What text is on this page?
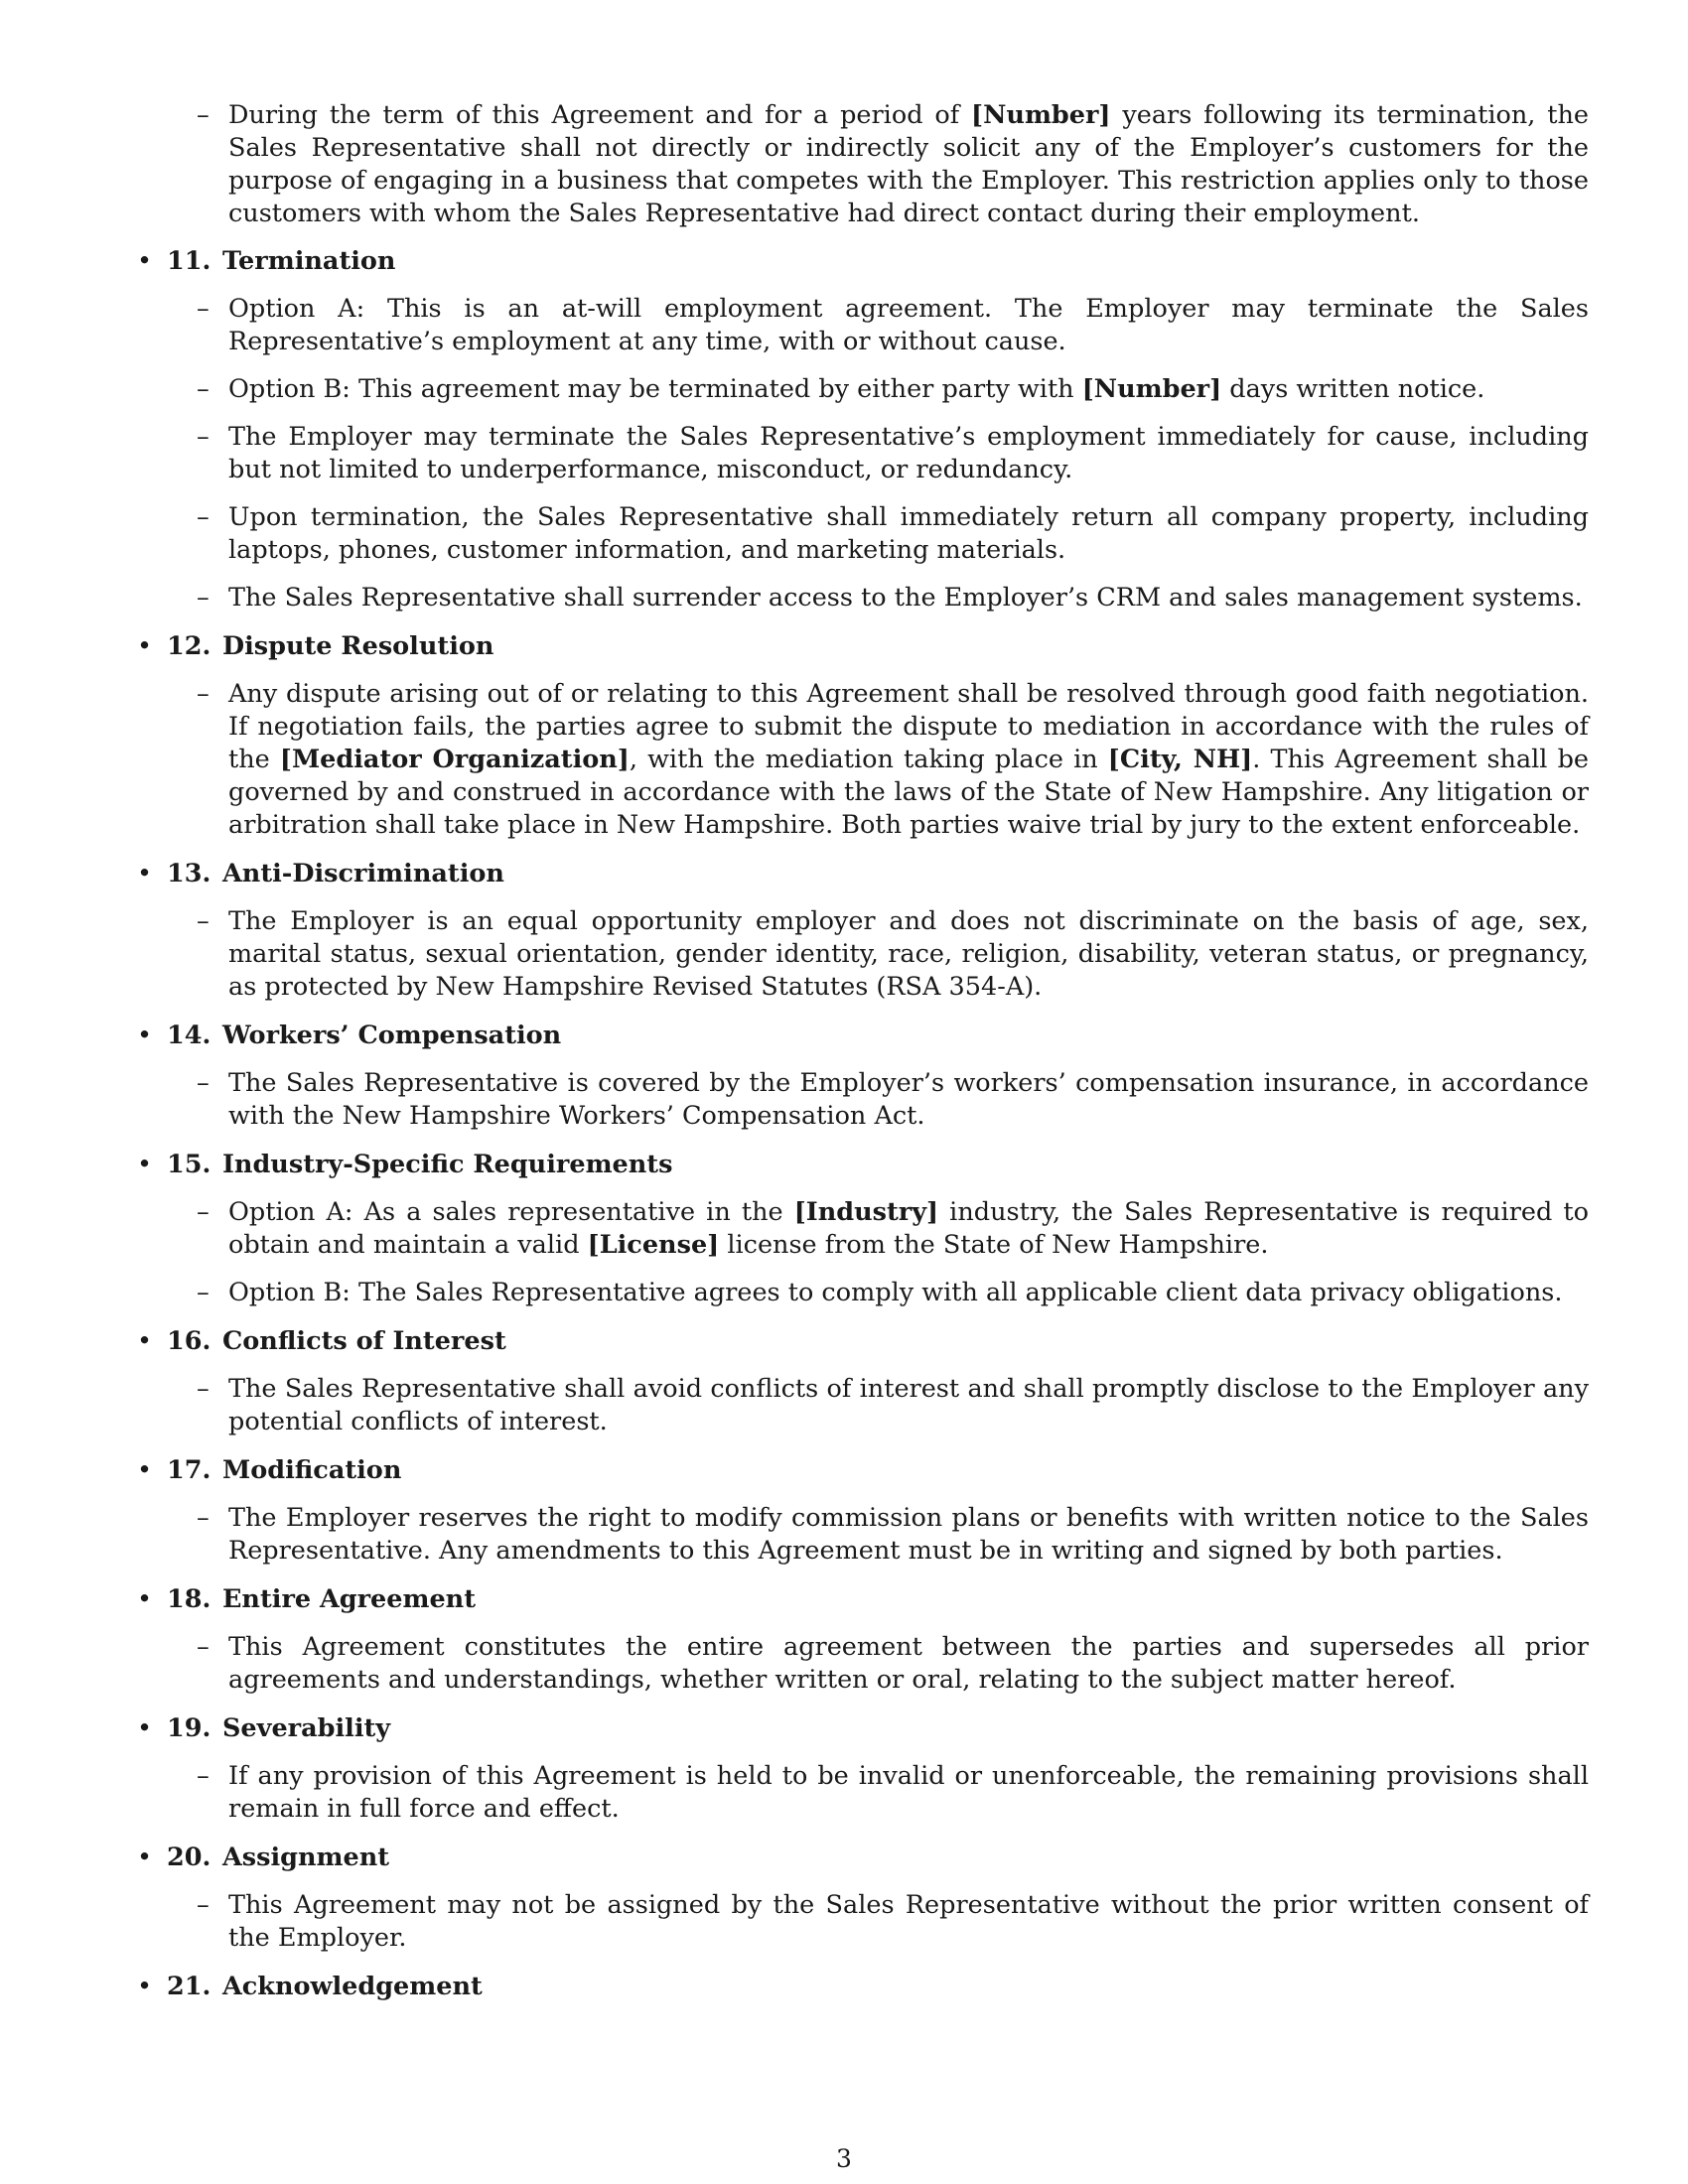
– During the term of this Agreement and for a period of [Number] years following its termination, the Sales Representative shall not directly or indirectly solicit any of the Employer’s customers for the purpose of engaging in a business that competes with the Employer. This restriction applies only to those customers with whom the Sales Representative had direct contact during their employment.
• 11. Termination
– Option A: This is an at-will employment agreement. The Employer may terminate the Sales Representative’s employment at any time, with or without cause.
– Option B: This agreement may be terminated by either party with [Number] days written notice.
– The Employer may terminate the Sales Representative’s employment immediately for cause, including but not limited to underperformance, misconduct, or redundancy.
– Upon termination, the Sales Representative shall immediately return all company property, including laptops, phones, customer information, and marketing materials.
– The Sales Representative shall surrender access to the Employer’s CRM and sales management systems.
• 12. Dispute Resolution
– Any dispute arising out of or relating to this Agreement shall be resolved through good faith negotiation. If negotiation fails, the parties agree to submit the dispute to mediation in accordance with the rules of the [Mediator Organization], with the mediation taking place in [City, NH]. This Agreement shall be governed by and construed in accordance with the laws of the State of New Hampshire. Any litigation or arbitration shall take place in New Hampshire. Both parties waive trial by jury to the extent enforceable.
• 13. Anti-Discrimination
– The Employer is an equal opportunity employer and does not discriminate on the basis of age, sex, marital status, sexual orientation, gender identity, race, religion, disability, veteran status, or pregnancy, as protected by New Hampshire Revised Statutes (RSA 354-A).
• 14. Workers’ Compensation
– The Sales Representative is covered by the Employer’s workers’ compensation insurance, in accordance with the New Hampshire Workers’ Compensation Act.
• 15. Industry-Specific Requirements
– Option A: As a sales representative in the [Industry] industry, the Sales Representative is required to obtain and maintain a valid [License] license from the State of New Hampshire.
– Option B: The Sales Representative agrees to comply with all applicable client data privacy obligations.
• 16. Conflicts of Interest
– The Sales Representative shall avoid conflicts of interest and shall promptly disclose to the Employer any potential conflicts of interest.
• 17. Modification
– The Employer reserves the right to modify commission plans or benefits with written notice to the Sales Representative. Any amendments to this Agreement must be in writing and signed by both parties.
• 18. Entire Agreement
– This Agreement constitutes the entire agreement between the parties and supersedes all prior agreements and understandings, whether written or oral, relating to the subject matter hereof.
• 19. Severability
– If any provision of this Agreement is held to be invalid or unenforceable, the remaining provisions shall remain in full force and effect.
• 20. Assignment
– This Agreement may not be assigned by the Sales Representative without the prior written consent of the Employer.
• 21. Acknowledgement
3
